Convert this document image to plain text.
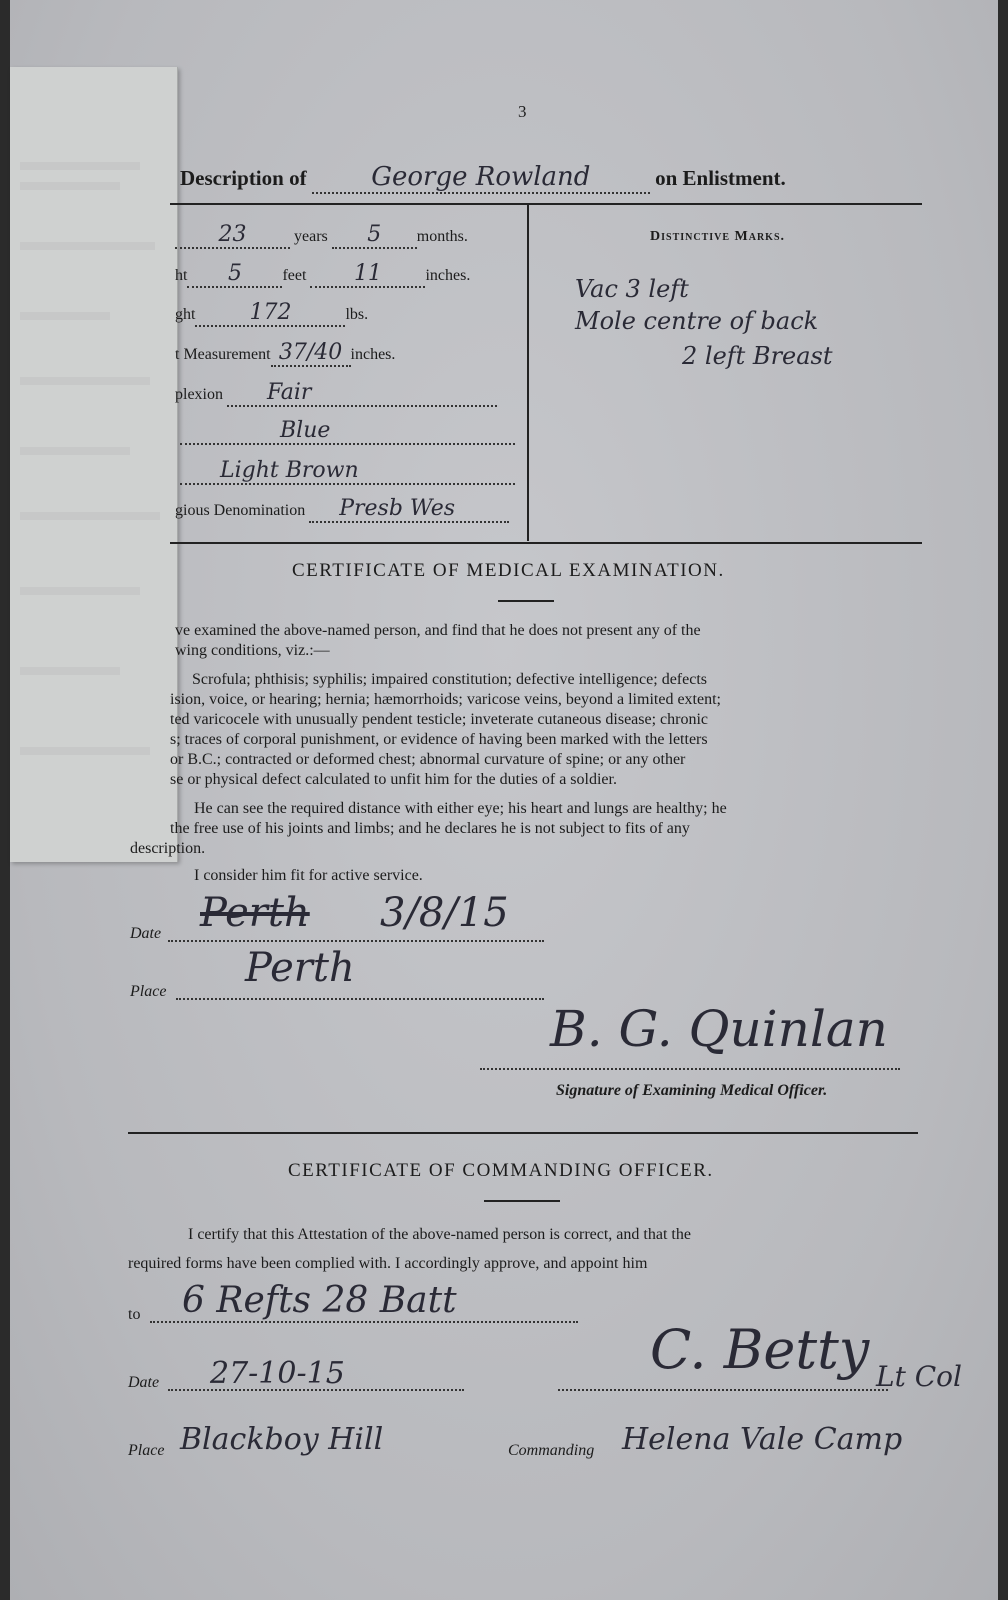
3
Description of George Rowland	on Enlistment.
23	years 5 months.
ht 5	feet 11	inches.
ght 172	lbs.
t Measurement 37/40 inches.
plexion Fair
Blue
Light Brown
gious Denomination Presb Wes
Distinctive Marks.
Vac 3 left
Mole centre of back
2 left Breast
CERTIFICATE OF MEDICAL EXAMINATION.
ve examined the above-named person, and find that he does not present any of the
wing conditions, viz.:—
Scrofula; phthisis; syphilis; impaired constitution; defective intelligence; defects
ision, voice, or hearing; hernia; hæmorrhoids; varicose veins, beyond a limited extent;
ted varicocele with unusually pendent testicle; inveterate cutaneous disease; chronic
s; traces of corporal punishment, or evidence of having been marked with the letters
or B.C.; contracted or deformed chest; abnormal curvature of spine; or any other
se or physical defect calculated to unfit him for the duties of a soldier.
He can see the required distance with either eye; his heart and lungs are healthy; he
the free use of his joints and limbs; and he declares he is not subject to fits of any
description.
I consider him fit for active service.
Date Perth 3/8/15
Place
Perth
B. G. Quinlan
Signature of Examining Medical Officer.
CERTIFICATE OF COMMANDING OFFICER.
I certify that this Attestation of the above-named person is correct, and that the
required forms have been complied with. I accordingly approve, and appoint him
to 6 Refts 28 Batt
Date 27-10-15	C. Betty Lt Col
Place Blackboy Hill	Commanding Helena Vale Camp
